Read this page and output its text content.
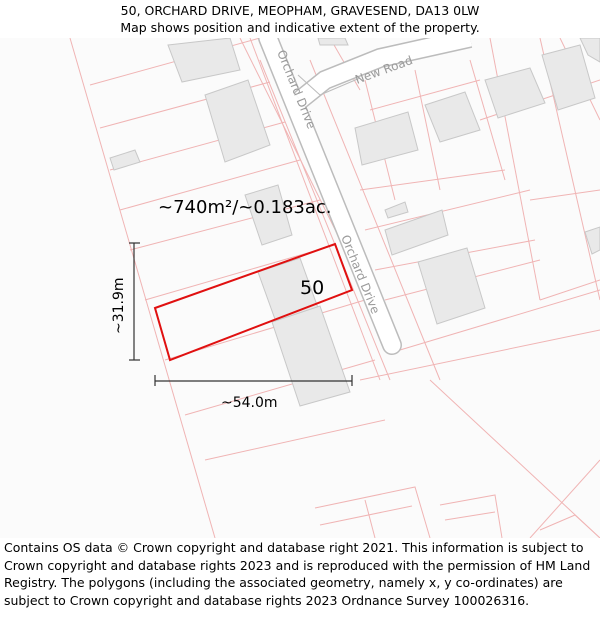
50, ORCHARD DRIVE, MEOPHAM, GRAVESEND, DA13 0LW
Map shows position and indicative extent of the property.
Orchard Drive
Orchard Drive
New Road
50
~740m²/~0.183ac.
~31.9m
~54.0m
Contains OS data © Crown copyright and database right 2021. This information is subject to Crown copyright and database rights 2023 and is reproduced with the permission of HM Land Registry. The polygons (including the associated geometry, namely x, y co-ordinates) are subject to Crown copyright and database rights 2023 Ordnance Survey 100026316.
